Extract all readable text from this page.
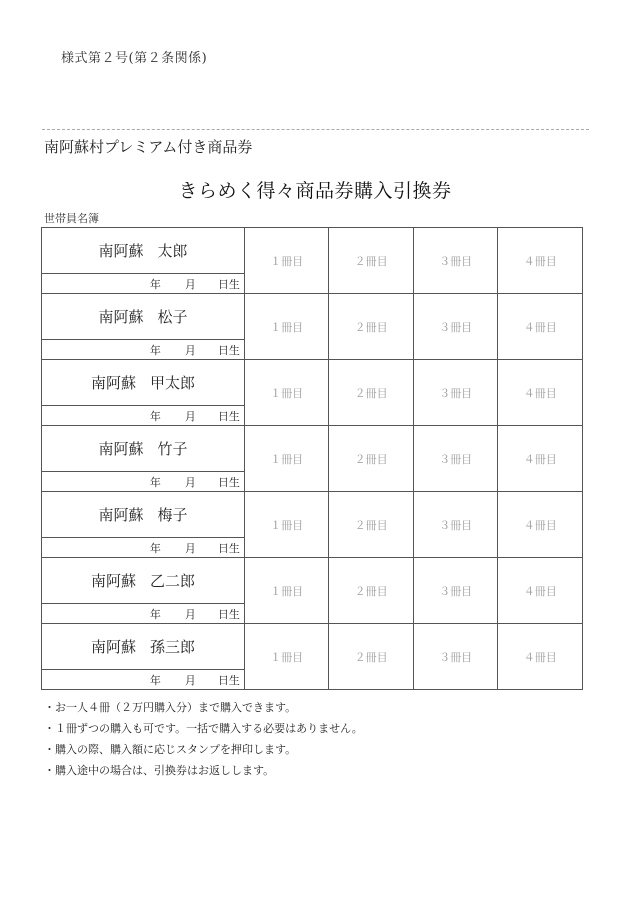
様式第２号(第２条関係)
南阿蘇村プレミアム付き商品券
きらめく得々商品券購入引換券
世帯員名簿
南阿蘇 太郎	１冊目	２冊目	３冊目	４冊目
年 月 日生				
南阿蘇 松子	１冊目	２冊目	３冊目	４冊目
年 月 日生				
南阿蘇 甲太郎	１冊目	２冊目	３冊目	４冊目
年 月 日生				
南阿蘇 竹子	１冊目	２冊目	３冊目	４冊目
年 月 日生				
南阿蘇 梅子	１冊目	２冊目	３冊目	４冊目
年 月 日生				
南阿蘇 乙二郎	１冊目	２冊目	３冊目	４冊目
年 月 日生				
南阿蘇 孫三郎	１冊目	２冊目	３冊目	４冊目
年 月 日生				
・お一人４冊（２万円購入分）まで購入できます。
・１冊ずつの購入も可です。一括で購入する必要はありません。
・購入の際、購入額に応じスタンプを押印します。
・購入途中の場合は、引換券はお返しします。
